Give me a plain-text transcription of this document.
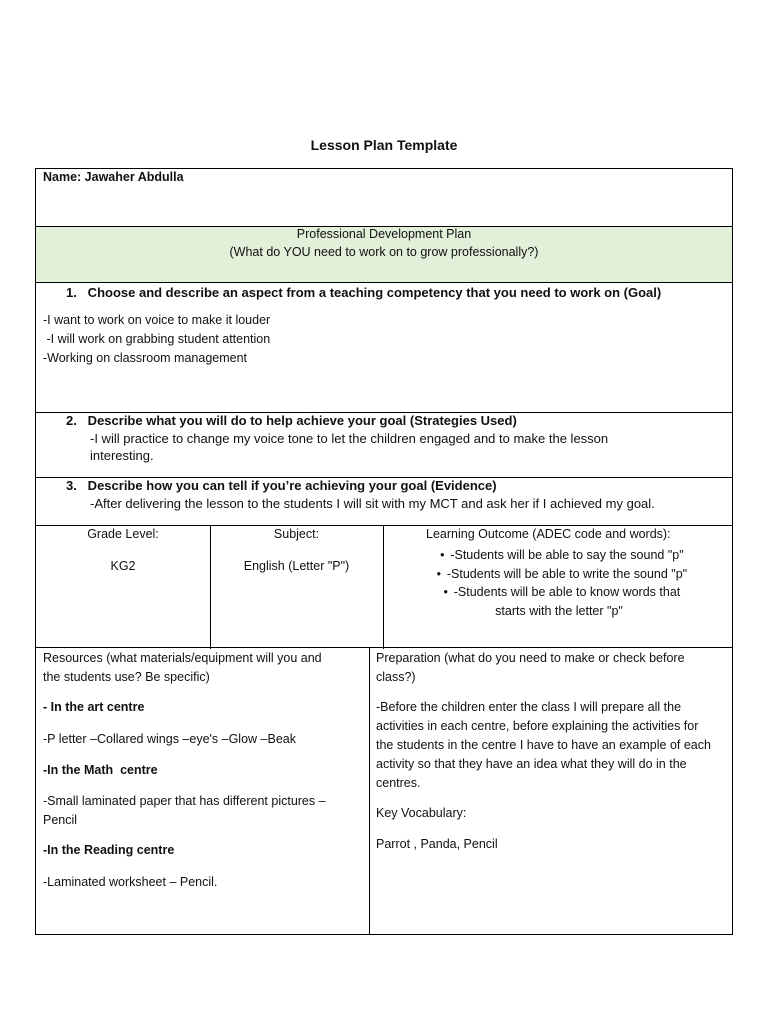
Lesson Plan Template
Name: Jawaher Abdulla
Professional Development Plan
(What do YOU need to work on to grow professionally?)
1.   Choose and describe an aspect from a teaching competency that you need to work on (Goal)
-I want to work on voice to make it louder
-I will work on grabbing student attention
-Working on classroom management
2.   Describe what you will do to help achieve your goal (Strategies Used)
-I will practice to change my voice tone to let the children engaged and to make the lesson
interesting.
3.   Describe how you can tell if you’re achieving your goal (Evidence)
-After delivering the lesson to the students I will sit with my MCT and ask her if I achieved my goal.
Grade Level:
KG2
Subject:
English (Letter "P")
Learning Outcome (ADEC code and words):
• -Students will be able to say the sound "p"
• -Students will be able to write the sound "p"
• -Students will be able to know words that
starts with the letter "p"
Resources (what materials/equipment will you and
the students use? Be specific)
- In the art centre
-P letter –Collared wings –eye's –Glow –Beak
-In the Math  centre
-Small laminated paper that has different pictures –
Pencil
-In the Reading centre
-Laminated worksheet – Pencil.
Preparation (what do you need to make or check before
class?)
-Before the children enter the class I will prepare all the
activities in each centre, before explaining the activities for
the students in the centre I have to have an example of each
activity so that they have an idea what they will do in the
centres.
Key Vocabulary:
Parrot , Panda, Pencil
